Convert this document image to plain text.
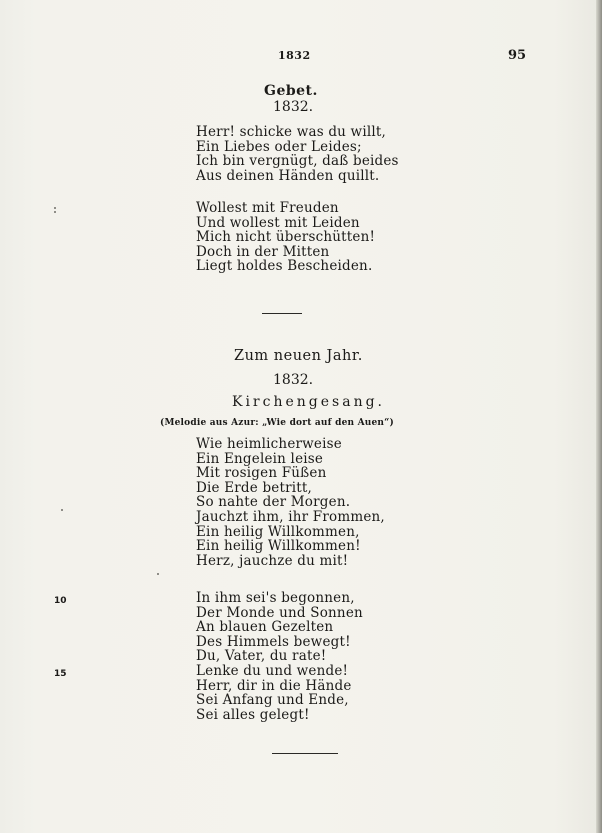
1832	95
Gebet.
1832.
Herr! schicke was du willt,
Ein Liebes oder Leides;
Ich bin vergnügt, daß beides
Aus deinen Händen quillt.
Wollest mit Freuden
Und wollest mit Leiden
Mich nicht überschütten!
Doch in der Mitten
Liegt holdes Bescheiden.
Zum neuen Jahr.
1832.
Kirchengesang.
(Melodie aus Azur: „Wie dort auf den Auen“)
Wie heimlicherweise
Ein Engelein leise
Mit rosigen Füßen
Die Erde betritt,
So nahte der Morgen.
Jauchzt ihm, ihr Frommen,
Ein heilig Willkommen,
Ein heilig Willkommen!
Herz, jauchze du mit!
In ihm sei's begonnen,
Der Monde und Sonnen
An blauen Gezelten
Des Himmels bewegt!
Du, Vater, du rate!
Lenke du und wende!
Herr, dir in die Hände
Sei Anfang und Ende,
Sei alles gelegt!
10
15
